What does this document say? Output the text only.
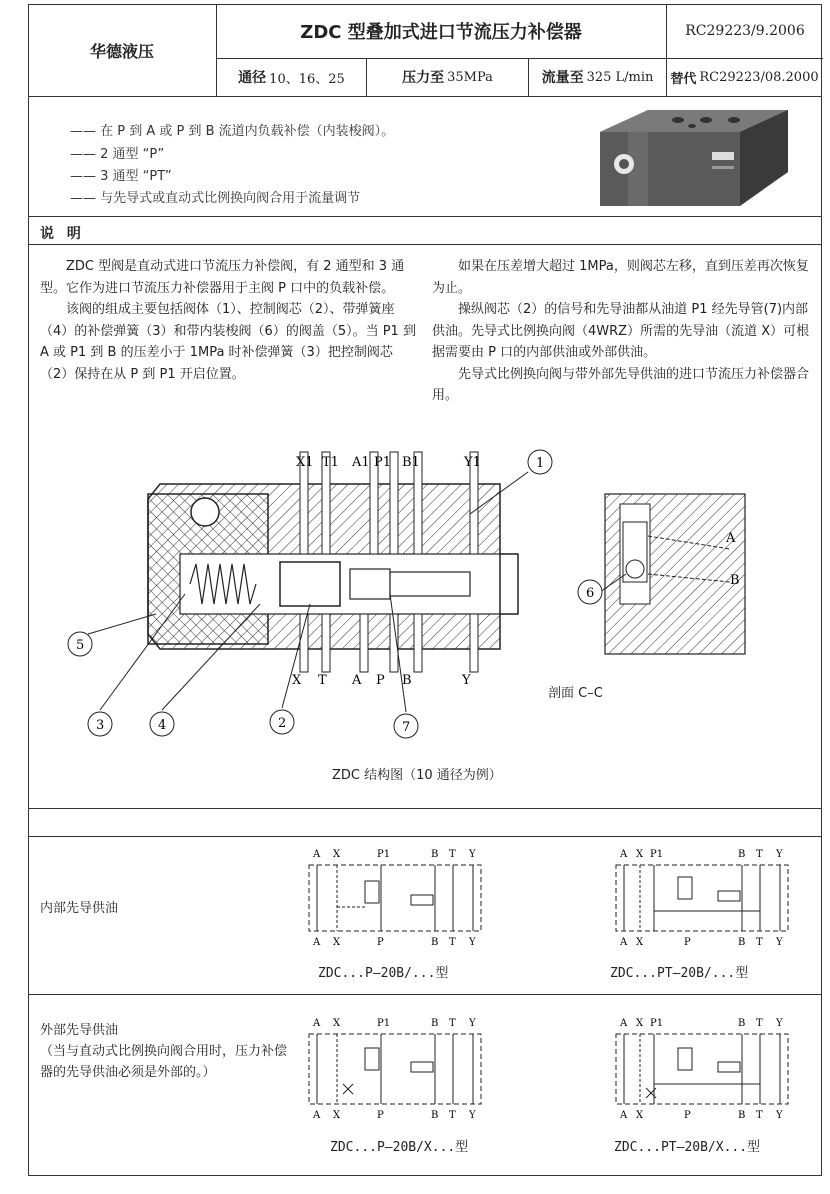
华德液压
ZDC 型叠加式进口节流压力补偿器	RC29223/9.2006
通径 10、16、25	压力至 35MPa	流量至 325 L/min 替代 RC29223/08.2000
—— 在 P 到 A 或 P 到 B 流道内负载补偿（内装梭阀）。
—— 2 通型 “P”
—— 3 通型 “PT”
—— 与先导式或直动式比例换向阀合用于流量调节
说 明

ZDC 型阀是直动式进口节流压力补偿阀，有 2 通型和 3 通型。它作为进口节流压力补偿器用于主阀 P 口中的负载补偿。

该阀的组成主要包括阀体（1）、控制阀芯（2）、带弹簧座（4）的补偿弹簧（3）和带内装梭阀（6）的阀盖（5）。当 P1 到 A 或 P1 到 B 的压差小于 1MPa 时补偿弹簧（3）把控制阀芯（2）保持在从 P 到 P1 开启位置。

如果在压差增大超过 1MPa，则阀芯左移，直到压差再次恢复为止。

操纵阀芯（2）的信号和先导油都从油道 P1 经先导管(7)内部供油。先导式比例换向阀（4WRZ）所需的先导油（流道 X）可根据需要由 P 口的内部供油或外部供油。

先导式比例换向阀与带外部先导供油的进口节流压力补偿器合用。

X1 T1 A1 P1 B1	Y1
X T A P B	Y
1
2
3	4
5
7
A
B
6
剖面 C–C
ZDC 结构图（10 通径为例）
内部先导供油
A X	P1	B T Y
A X	P	B T Y
ZDC...P–20B/...型
A X P1	B T Y
A X	P	B T Y
ZDC...PT–20B/...型
外部先导供油
（当与直动式比例换向阀合用时，压力补偿器的先导供油必须是外部的。）
A X	P1	B T Y
A X	P	B T Y
ZDC...P–20B/X...型
A X P1	B T Y
A X	P	B T Y
ZDC...PT–20B/X...型
